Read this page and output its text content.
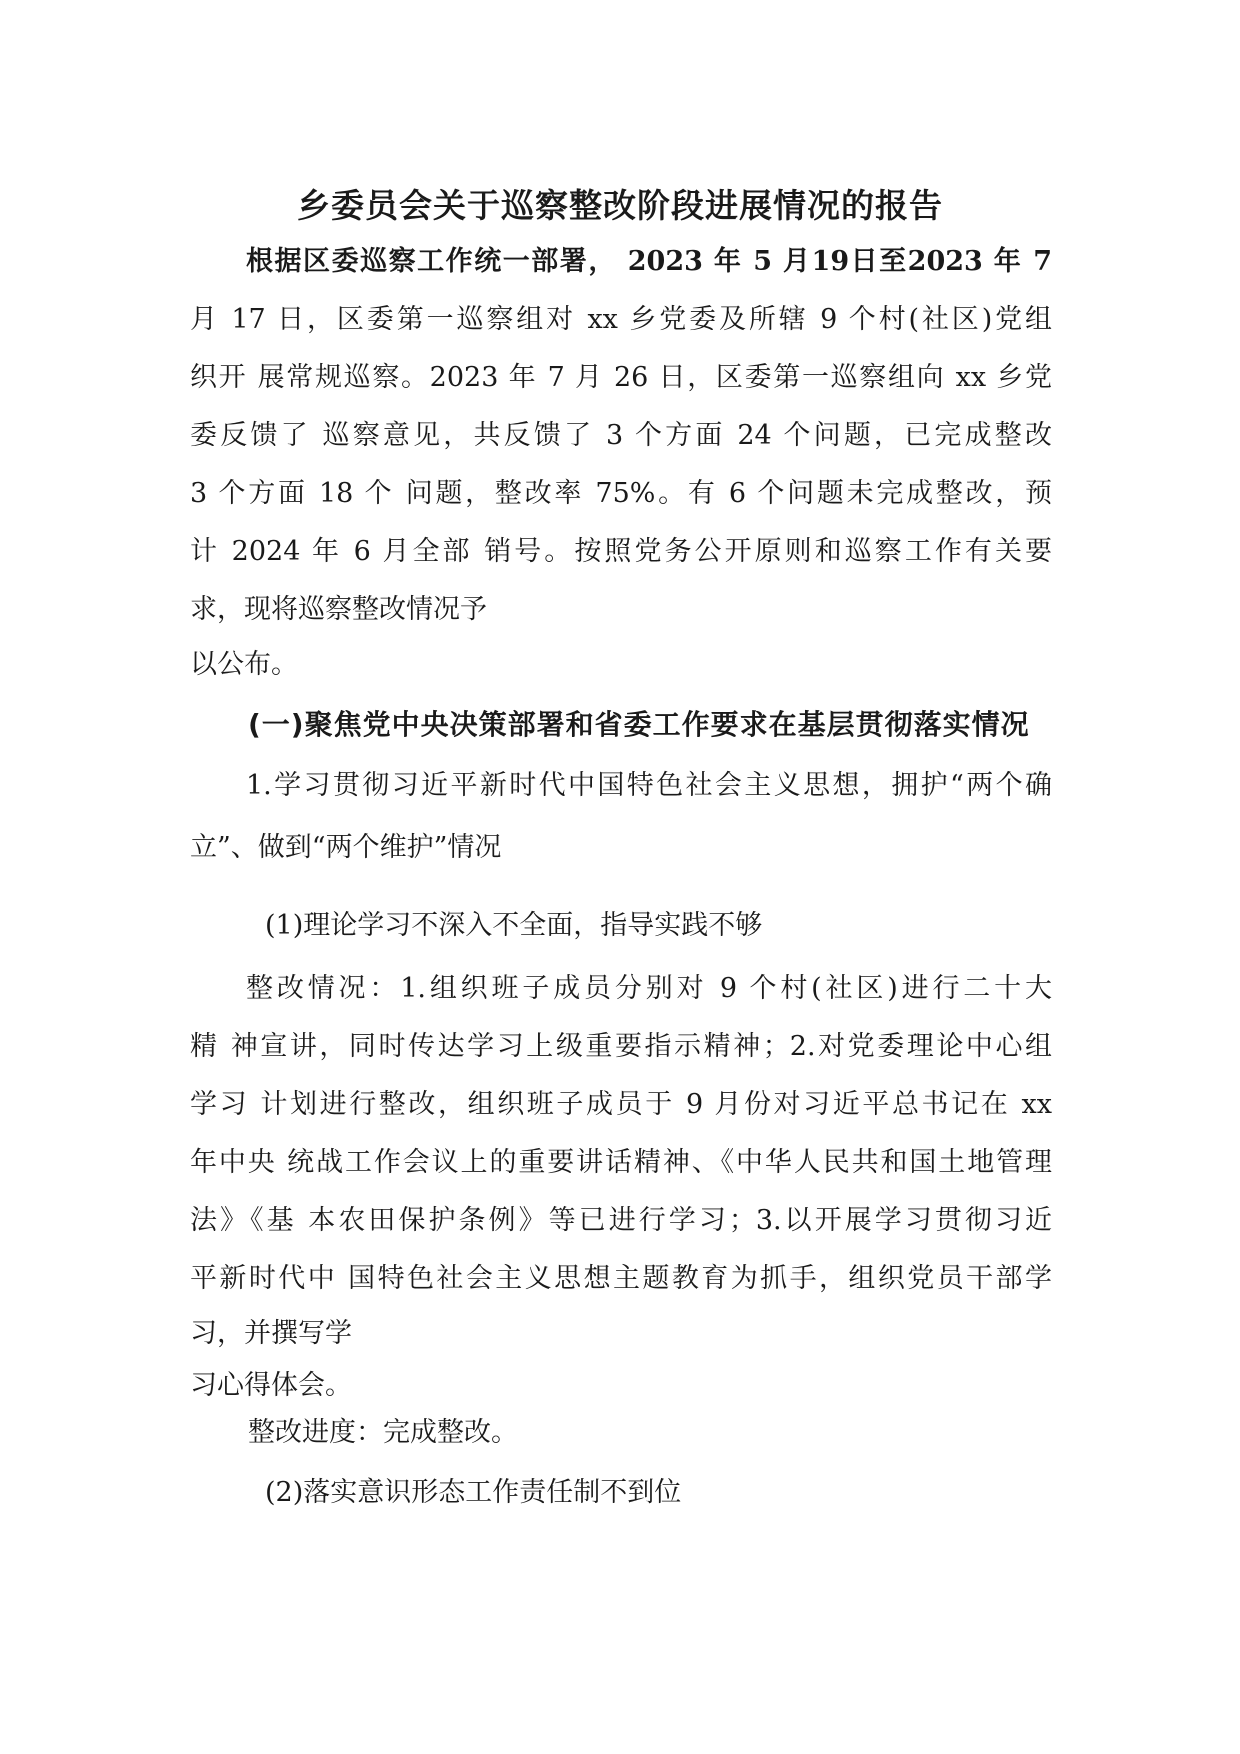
乡委员会关于巡察整改阶段进展情况的报告
根据区委巡察工作统一部署， 2023 年 5 月19日至2023 年 7
月 17 日，区委第一巡察组对 xx 乡党委及所辖 9 个村(社区)党组
织开 展常规巡察。2023 年 7 月 26 日，区委第一巡察组向 xx 乡党
委反馈了 巡察意见，共反馈了 3 个方面 24 个问题，已完成整改
3 个方面 18 个 问题，整改率 75%。有 6 个问题未完成整改，预
计 2024 年 6 月全部 销号。按照党务公开原则和巡察工作有关要
求，现将巡察整改情况予
以公布。
(一)聚焦党中央决策部署和省委工作要求在基层贯彻落实情况
1.学习贯彻习近平新时代中国特色社会主义思想，拥护“两个确
立”、做到“两个维护”情况
(1)理论学习不深入不全面，指导实践不够
整改情况：1.组织班子成员分别对 9 个村(社区)进行二十大
精 神宣讲，同时传达学习上级重要指示精神；2.对党委理论中心组
学习 计划进行整改，组织班子成员于 9 月份对习近平总书记在 xx
年中央 统战工作会议上的重要讲话精神、《中华人民共和国土地管理
法》《基 本农田保护条例》等已进行学习；3.以开展学习贯彻习近
平新时代中 国特色社会主义思想主题教育为抓手，组织党员干部学
习，并撰写学
习心得体会。
整改进度：完成整改。
(2)落实意识形态工作责任制不到位
